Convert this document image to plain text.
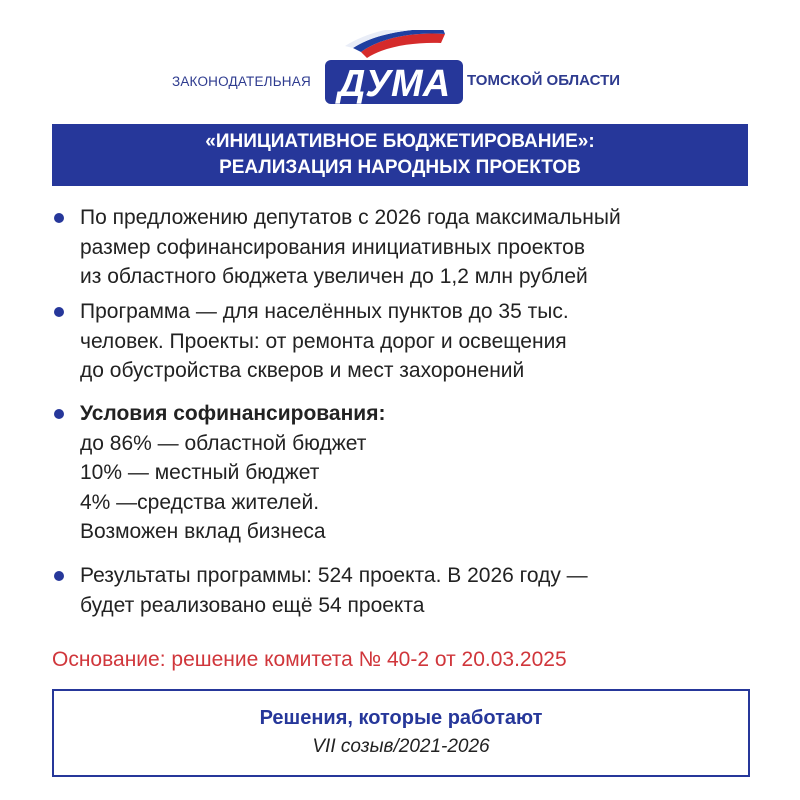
ЗАКОНОДАТЕЛЬНАЯ ДУМА ТОМСКОЙ ОБЛАСТИ
«ИНИЦИАТИВНОЕ БЮДЖЕТИРОВАНИЕ»:
РЕАЛИЗАЦИЯ НАРОДНЫХ ПРОЕКТОВ
По предложению депутатов с 2026 года максимальный
размер софинансирования инициативных проектов
из областного бюджета увеличен до 1,2 млн рублей
Программа — для населённых пунктов до 35 тыс.
человек. Проекты: от ремонта дорог и освещения
до обустройства скверов и мест захоронений
Условия софинансирования:
до 86% — областной бюджет
10% — местный бюджет
4% —средства жителей.
Возможен вклад бизнеса
Результаты программы: 524 проекта. В 2026 году —
будет реализовано ещё 54 проекта
Основание: решение комитета № 40-2 от 20.03.2025
Решения, которые работают
VII созыв/2021-2026
